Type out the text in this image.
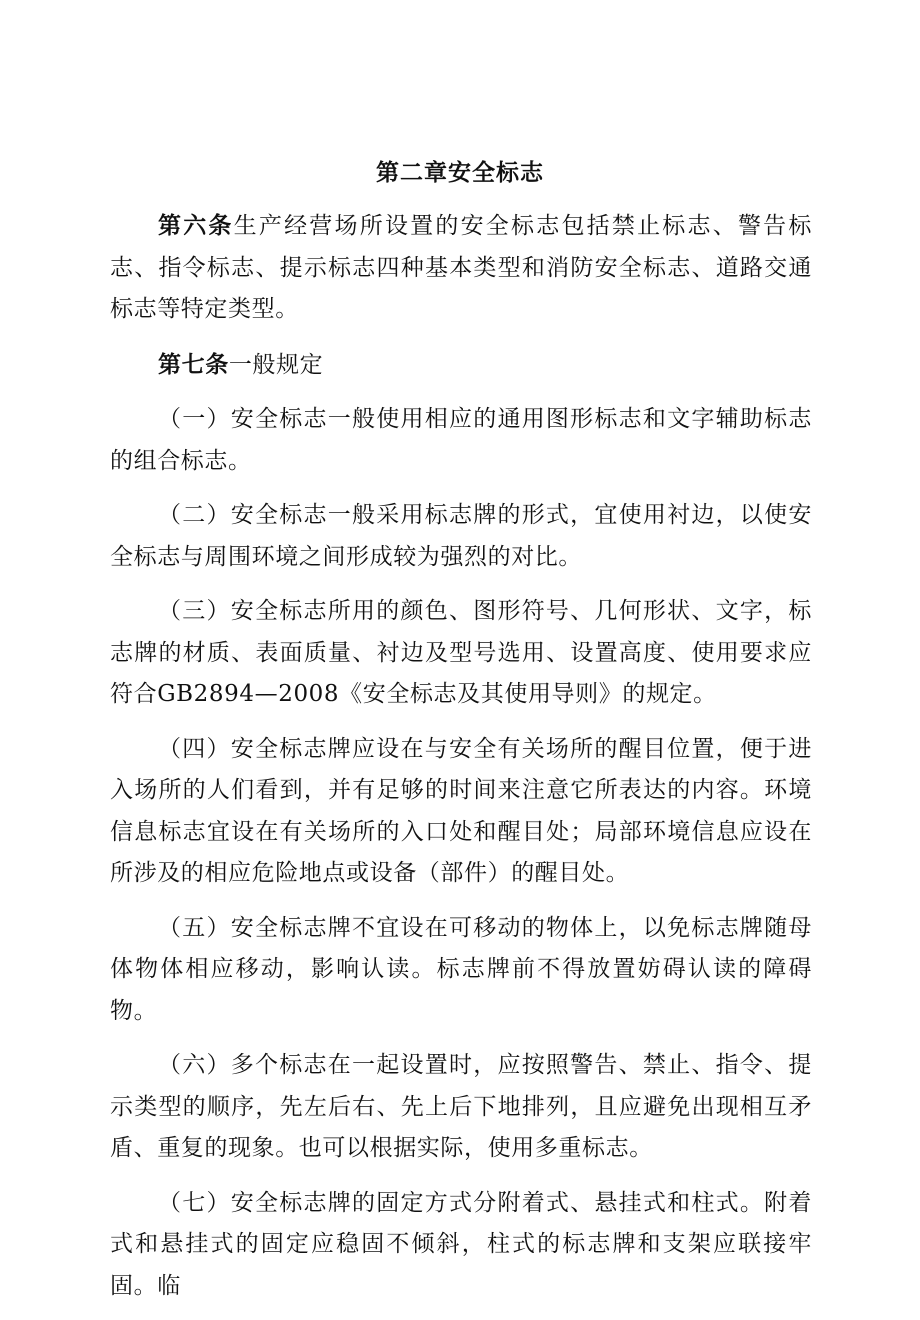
第二章安全标志

第六条生产经营场所设置的安全标志包括禁止标志、警告标志、指令标志、提示标志四种基本类型和消防安全标志、道路交通标志等特定类型。

第七条一般规定

（一）安全标志一般使用相应的通用图形标志和文字辅助标志的组合标志。

（二）安全标志一般采用标志牌的形式，宜使用衬边，以使安全标志与周围环境之间形成较为强烈的对比。

（三）安全标志所用的颜色、图形符号、几何形状、文字，标志牌的材质、表面质量、衬边及型号选用、设置高度、使用要求应符合GB2894—2008《安全标志及其使用导则》的规定。

（四）安全标志牌应设在与安全有关场所的醒目位置，便于进入场所的人们看到，并有足够的时间来注意它所表达的内容。环境信息标志宜设在有关场所的入口处和醒目处；局部环境信息应设在所涉及的相应危险地点或设备（部件）的醒目处。

（五）安全标志牌不宜设在可移动的物体上，以免标志牌随母体物体相应移动，影响认读。标志牌前不得放置妨碍认读的障碍物。

（六）多个标志在一起设置时，应按照警告、禁止、指令、提示类型的顺序，先左后右、先上后下地排列，且应避免出现相互矛盾、重复的现象。也可以根据实际，使用多重标志。

（七）安全标志牌的固定方式分附着式、悬挂式和柱式。附着式和悬挂式的固定应稳固不倾斜，柱式的标志牌和支架应联接牢固。临
